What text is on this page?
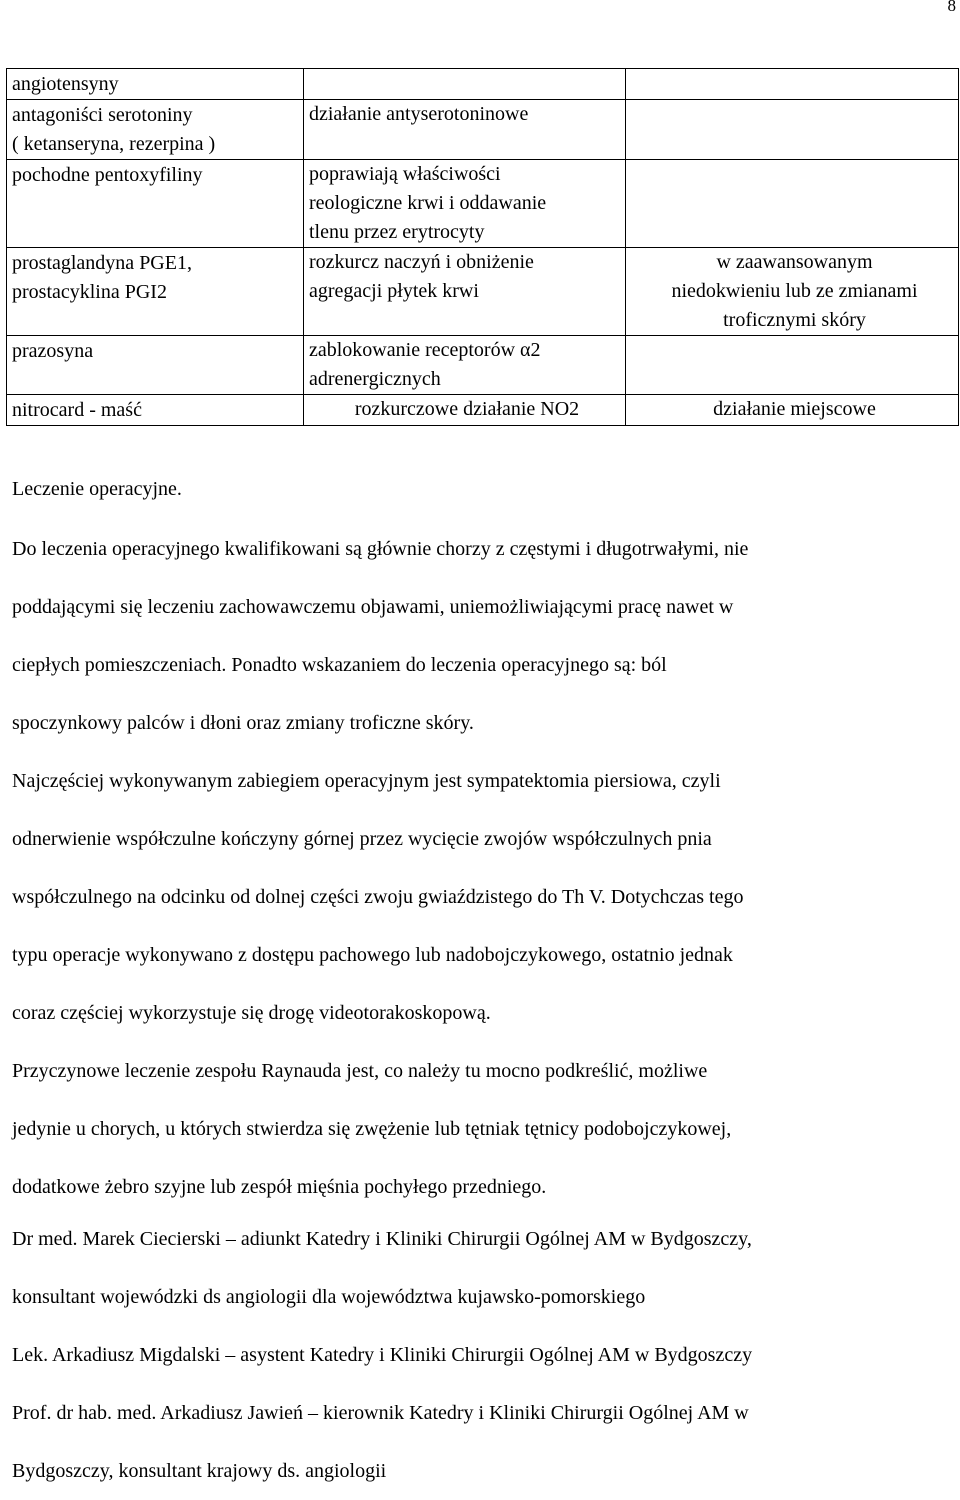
8
angiotensyny		

antagoniści serotoniny
( ketanseryna, rezerpina )	działanie antyserotoninowe	

pochodne pentoxyfiliny	poprawiają właściwości
reologiczne krwi i oddawanie
tlenu przez erytrocyty	

prostaglandyna PGE1,
prostacyklina PGI2	rozkurcz naczyń i obniżenie
agregacji płytek krwi	w zaawansowanym
niedokwieniu lub ze zmianami
troficznymi skóry

prazosyna	zablokowanie receptorów α2
adrenergicznych	

nitrocard - maść	rozkurczowe działanie NO2	działanie miejscowe
Leczenie operacyjne.
Do leczenia operacyjnego kwalifikowani są głównie chorzy z częstymi i długotrwałymi, nie
poddającymi się leczeniu zachowawczemu objawami, uniemożliwiającymi pracę nawet w
ciepłych pomieszczeniach. Ponadto wskazaniem do leczenia operacyjnego są: ból
spoczynkowy palców i dłoni oraz zmiany troficzne skóry.
Najczęściej wykonywanym zabiegiem operacyjnym jest sympatektomia piersiowa, czyli
odnerwienie współczulne kończyny górnej przez wycięcie zwojów współczulnych pnia
współczulnego na odcinku od dolnej części zwoju gwiaździstego do Th V. Dotychczas tego
typu operacje wykonywano z dostępu pachowego lub nadobojczykowego, ostatnio jednak
coraz częściej wykorzystuje się drogę videotorakoskopową.
Przyczynowe leczenie zespołu Raynauda jest, co należy tu mocno podkreślić, możliwe
jedynie u chorych, u których stwierdza się zwężenie lub tętniak tętnicy podobojczykowej,
dodatkowe żebro szyjne lub zespół mięśnia pochyłego przedniego.
Dr med. Marek Ciecierski – adiunkt Katedry i Kliniki Chirurgii Ogólnej AM w Bydgoszczy,
konsultant wojewódzki ds angiologii dla województwa kujawsko-pomorskiego
Lek. Arkadiusz Migdalski – asystent Katedry i Kliniki Chirurgii Ogólnej AM w Bydgoszczy
Prof. dr hab. med. Arkadiusz Jawień – kierownik Katedry i Kliniki Chirurgii Ogólnej AM w
Bydgoszczy, konsultant krajowy ds. angiologii
